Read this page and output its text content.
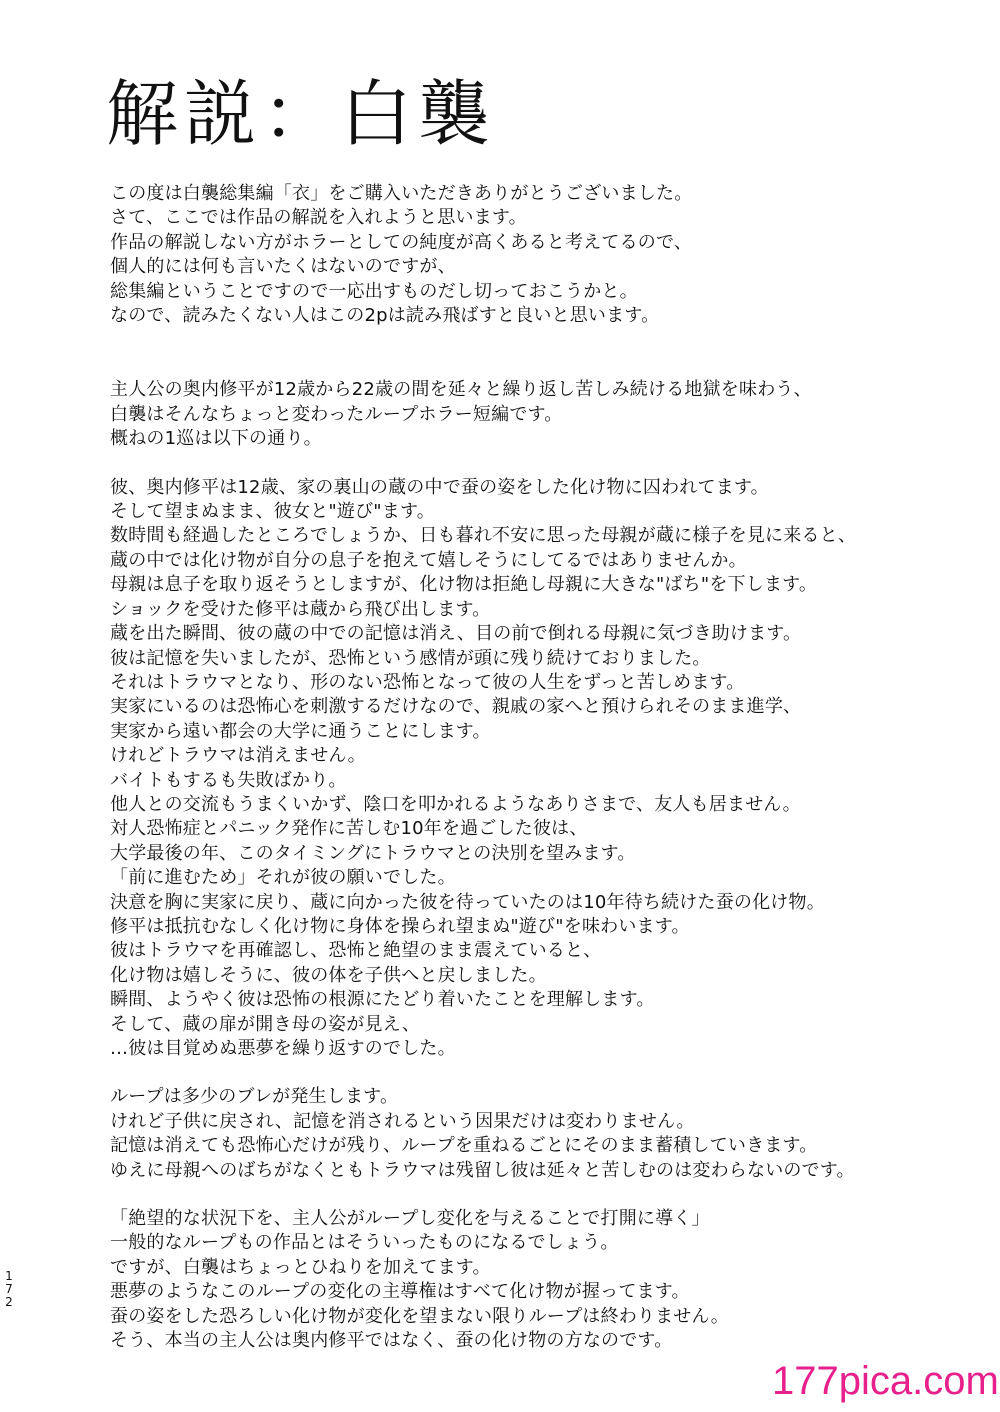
解説：白襲

この度は白襲総集編「衣」をご購入いただきありがとうございました。
さて、ここでは作品の解説を入れようと思います。
作品の解説しない方がホラーとしての純度が高くあると考えてるので、
個人的には何も言いたくはないのですが、
総集編ということですので一応出すものだし切っておこうかと。
なので、読みたくない人はこの2pは読み飛ばすと良いと思います。

主人公の奥内修平が12歳から22歳の間を延々と繰り返し苦しみ続ける地獄を味わう、
白襲はそんなちょっと変わったループホラー短編です。
概ねの1巡は以下の通り。

彼、奥内修平は12歳、家の裏山の蔵の中で蚕の姿をした化け物に囚われてます。
そして望まぬまま、彼女と"遊び"ます。
数時間も経過したところでしょうか、日も暮れ不安に思った母親が蔵に様子を見に来ると、
蔵の中では化け物が自分の息子を抱えて嬉しそうにしてるではありませんか。
母親は息子を取り返そうとしますが、化け物は拒絶し母親に大きな"ばち"を下します。
ショックを受けた修平は蔵から飛び出します。
蔵を出た瞬間、彼の蔵の中での記憶は消え、目の前で倒れる母親に気づき助けます。
彼は記憶を失いましたが、恐怖という感情が頭に残り続けておりました。
それはトラウマとなり、形のない恐怖となって彼の人生をずっと苦しめます。
実家にいるのは恐怖心を刺激するだけなので、親戚の家へと預けられそのまま進学、
実家から遠い都会の大学に通うことにします。
けれどトラウマは消えません。
バイトもするも失敗ばかり。
他人との交流もうまくいかず、陰口を叩かれるようなありさまで、友人も居ません。
対人恐怖症とパニック発作に苦しむ10年を過ごした彼は、
大学最後の年、このタイミングにトラウマとの決別を望みます。
「前に進むため」それが彼の願いでした。
決意を胸に実家に戻り、蔵に向かった彼を待っていたのは10年待ち続けた蚕の化け物。
修平は抵抗むなしく化け物に身体を操られ望まぬ"遊び"を味わいます。
彼はトラウマを再確認し、恐怖と絶望のまま震えていると、
化け物は嬉しそうに、彼の体を子供へと戻しました。
瞬間、ようやく彼は恐怖の根源にたどり着いたことを理解します。
そして、蔵の扉が開き母の姿が見え、
…彼は目覚めぬ悪夢を繰り返すのでした。

ループは多少のブレが発生します。
けれど子供に戻され、記憶を消されるという因果だけは変わりません。
記憶は消えても恐怖心だけが残り、ループを重ねるごとにそのまま蓄積していきます。
ゆえに母親へのばちがなくともトラウマは残留し彼は延々と苦しむのは変わらないのです。

「絶望的な状況下を、主人公がループし変化を与えることで打開に導く」
一般的なループもの作品とはそういったものになるでしょう。
ですが、白襲はちょっとひねりを加えてます。
悪夢のようなこのループの変化の主導権はすべて化け物が握ってます。
蚕の姿をした恐ろしい化け物が変化を望まない限りループは終わりません。
そう、本当の主人公は奥内修平ではなく、蚕の化け物の方なのです。

1
7
2
177pica.com
